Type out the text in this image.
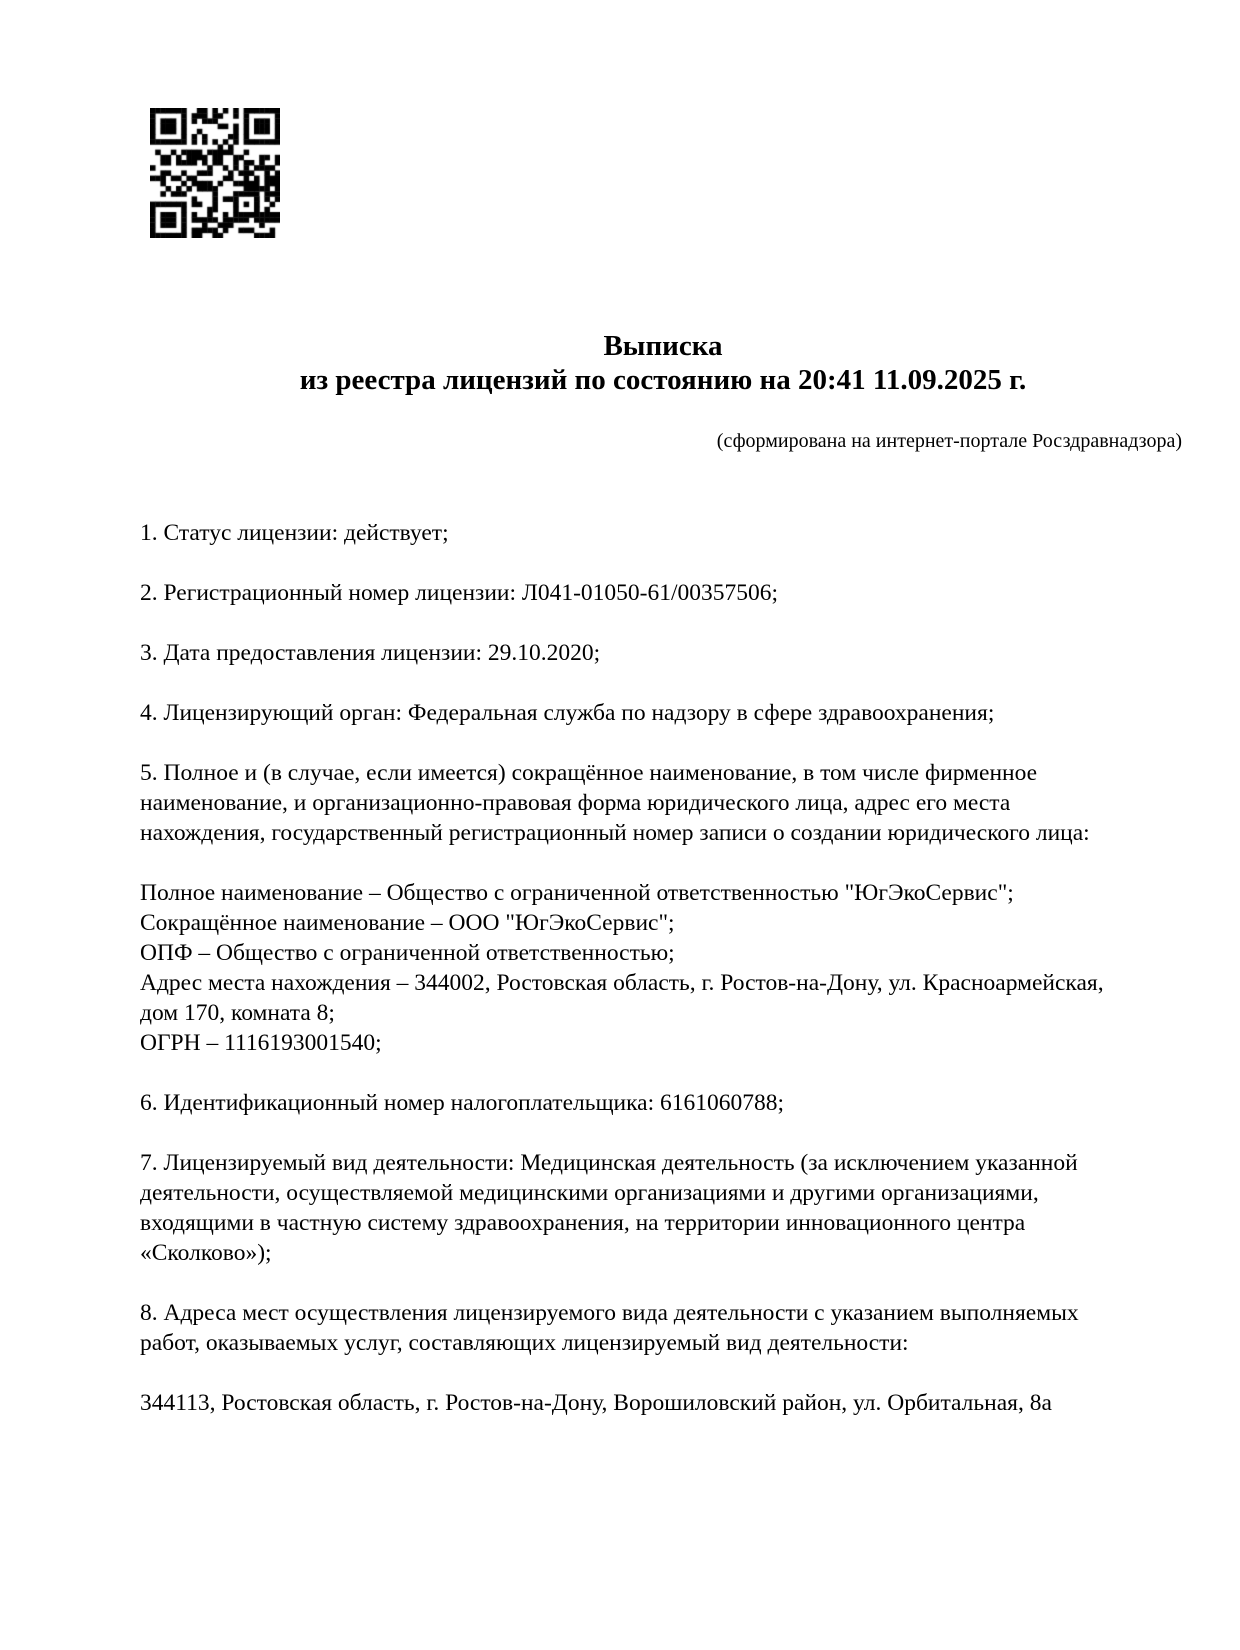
Выписка
из реестра лицензий по состоянию на 20:41 11.09.2025 г.
(сформирована на интернет-портале Росздравнадзора)
1. Статус лицензии: действует;
2. Регистрационный номер лицензии: Л041-01050-61/00357506;
3. Дата предоставления лицензии: 29.10.2020;
4. Лицензирующий орган: Федеральная служба по надзору в сфере здравоохранения;
5. Полное и (в случае, если имеется) сокращённое наименование, в том числе фирменное
наименование, и организационно-правовая форма юридического лица, адрес его места
нахождения, государственный регистрационный номер записи о создании юридического лица:
Полное наименование – Общество с ограниченной ответственностью "ЮгЭкоСервис";
Сокращённое наименование – ООО "ЮгЭкоСервис";
ОПФ – Общество с ограниченной ответственностью;
Адрес места нахождения – 344002, Ростовская область, г. Ростов-на-Дону, ул. Красноармейская,
дом 170, комната 8;
ОГРН – 1116193001540;
6. Идентификационный номер налогоплательщика: 6161060788;
7. Лицензируемый вид деятельности: Медицинская деятельность (за исключением указанной
деятельности, осуществляемой медицинскими организациями и другими организациями,
входящими в частную систему здравоохранения, на территории инновационного центра
«Сколково»);
8. Адреса мест осуществления лицензируемого вида деятельности с указанием выполняемых
работ, оказываемых услуг, составляющих лицензируемый вид деятельности:
344113, Ростовская область, г. Ростов-на-Дону, Ворошиловский район, ул. Орбитальная, 8а
